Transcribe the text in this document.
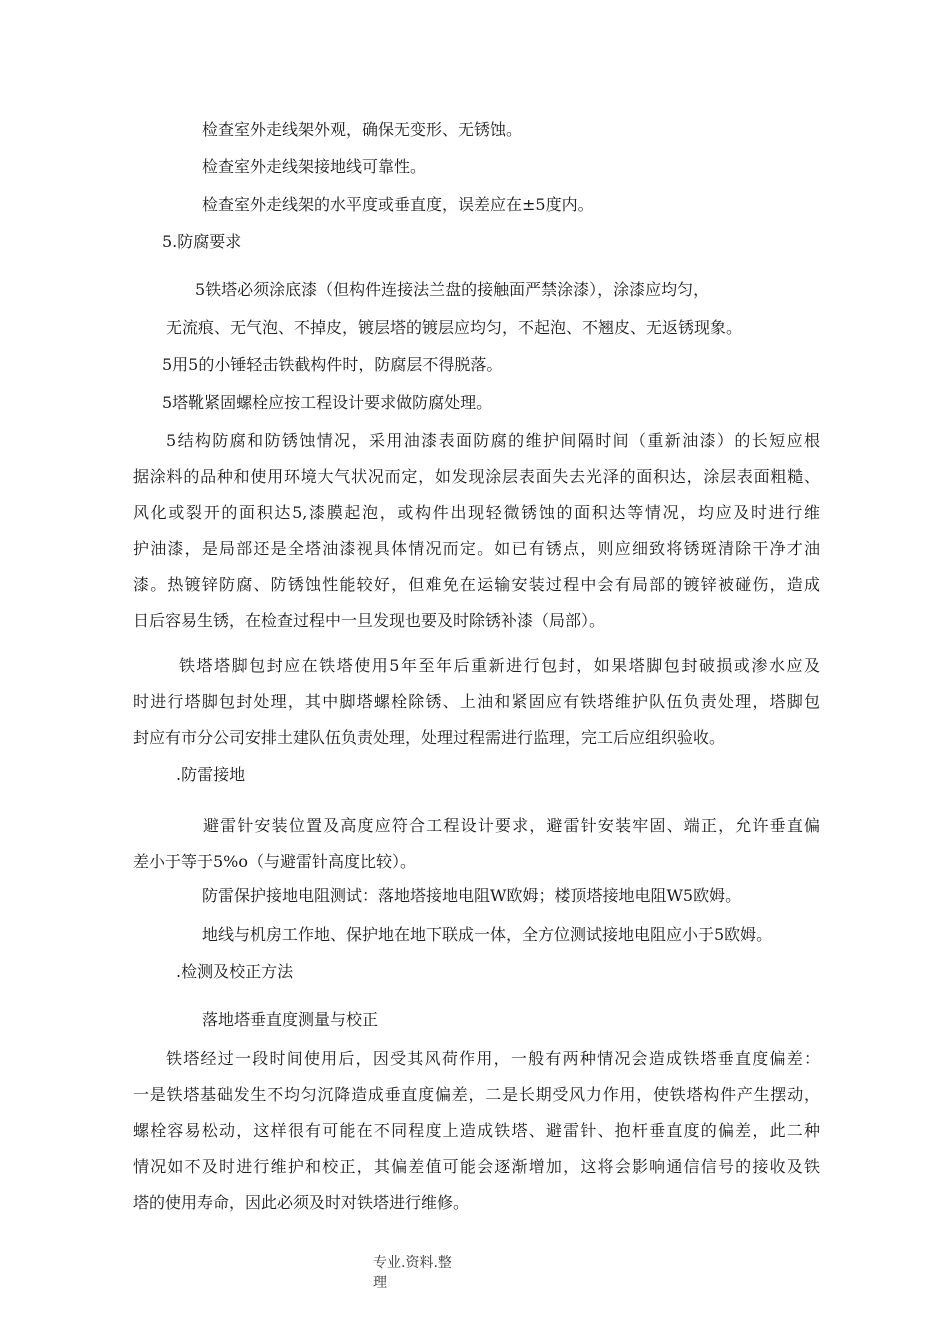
检查室外走线架外观，确保无变形、无锈蚀。
检查室外走线架接地线可靠性。
检查室外走线架的水平度或垂直度，误差应在±5度内。
5.防腐要求
5铁塔必须涂底漆（但构件连接法兰盘的接触面严禁涂漆），涂漆应均匀，
无流痕、无气泡、不掉皮，镀层塔的镀层应均匀，不起泡、不翘皮、无返锈现象。
5用5的小锤轻击铁截构件时，防腐层不得脱落。
5塔靴紧固螺栓应按工程设计要求做防腐处理。
5结构防腐和防锈蚀情况，采用油漆表面防腐的维护间隔时间（重新油漆）的长短应根
据涂料的品种和使用环境大气状况而定，如发现涂层表面失去光泽的面积达，涂层表面粗糙、
风化或裂开的面积达5,漆膜起泡，或构件出现轻微锈蚀的面积达等情况，均应及时进行维
护油漆，是局部还是全塔油漆视具体情况而定。如已有锈点，则应细致将锈斑清除干净才油
漆。热镀锌防腐、防锈蚀性能较好，但难免在运输安装过程中会有局部的镀锌被碰伤，造成
日后容易生锈，在检查过程中一旦发现也要及时除锈补漆（局部）。
铁塔塔脚包封应在铁塔使用5年至年后重新进行包封，如果塔脚包封破损或渗水应及
时进行塔脚包封处理，其中脚塔螺栓除锈、上油和紧固应有铁塔维护队伍负责处理，塔脚包
封应有市分公司安排土建队伍负责处理，处理过程需进行监理，完工后应组织验收。
.防雷接地
避雷针安装位置及高度应符合工程设计要求，避雷针安装牢固、端正，允许垂直偏
差小于等于5%o（与避雷针高度比较）。
防雷保护接地电阻测试：落地塔接地电阻W欧姆；楼顶塔接地电阻W5欧姆。
地线与机房工作地、保护地在地下联成一体，全方位测试接地电阻应小于5欧姆。
.检测及校正方法
落地塔垂直度测量与校正
铁塔经过一段时间使用后，因受其风荷作用，一般有两种情况会造成铁塔垂直度偏差：
一是铁塔基础发生不均匀沉降造成垂直度偏差，二是长期受风力作用，使铁塔构件产生摆动，
螺栓容易松动，这样很有可能在不同程度上造成铁塔、避雷针、抱杆垂直度的偏差，此二种
情况如不及时进行维护和校正，其偏差值可能会逐渐增加，这将会影响通信信号的接收及铁
塔的使用寿命，因此必须及时对铁塔进行维修。
专业.资料.整
理
